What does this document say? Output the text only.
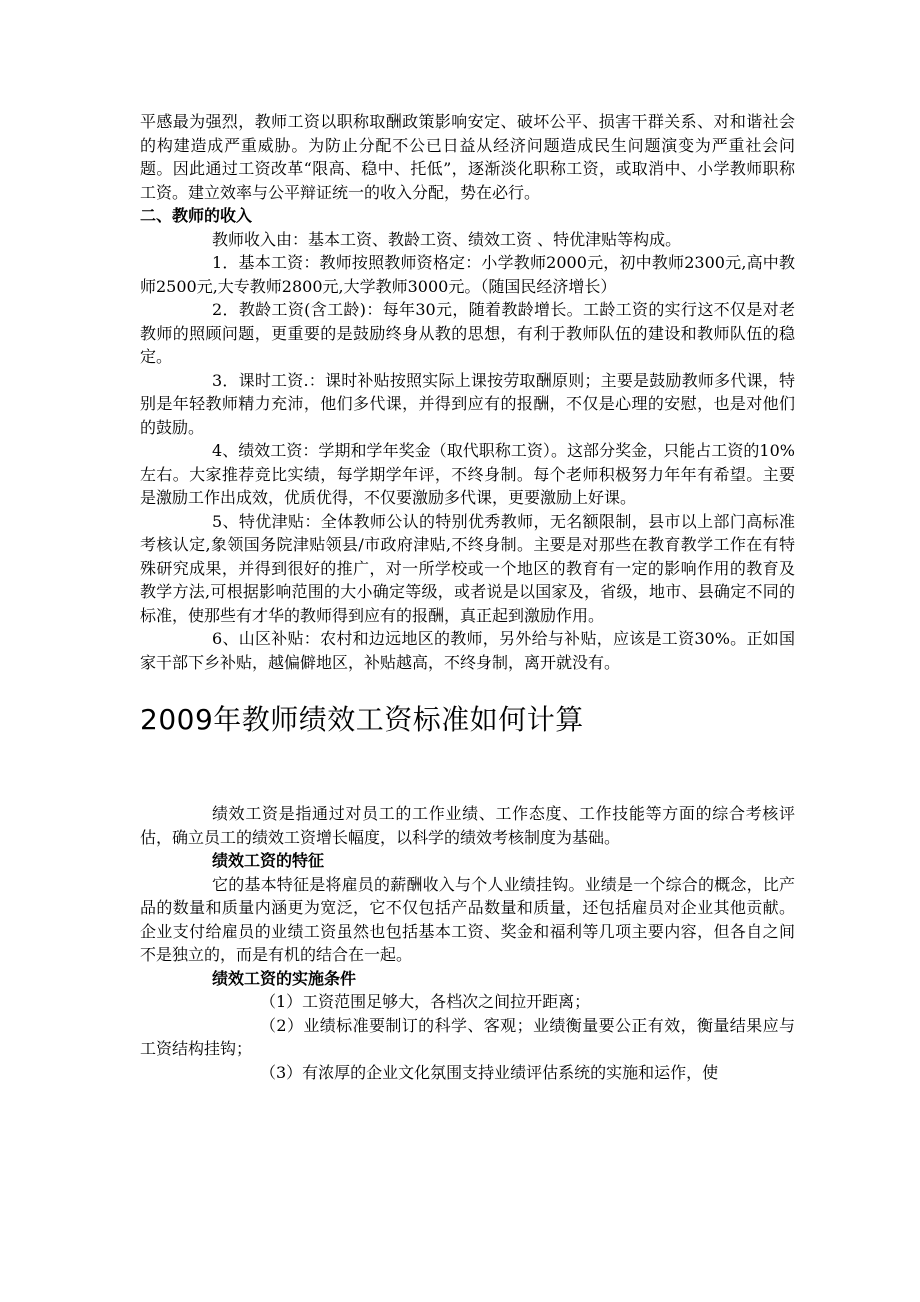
平感最为强烈，教师工资以职称取酬政策影响安定、破坏公平、损害干群关系、对和谐社会的构建造成严重威胁。为防止分配不公已日益从经济问题造成民生问题演变为严重社会问题。因此通过工资改革“限高、稳中、托低”，逐渐淡化职称工资，或取消中、小学教师职称工资。建立效率与公平辩证统一的收入分配，势在必行。

二、教师的收入

教师收入由：基本工资、教龄工资、绩效工资 、特优津贴等构成。

1．基本工资：教师按照教师资格定：小学教师2000元，初中教师2300元,高中教师2500元,大专教师2800元,大学教师3000元。（随国民经济增长）

2．教龄工资(含工龄)：每年30元，随着教龄增长。工龄工资的实行这不仅是对老教师的照顾问题，更重要的是鼓励终身从教的思想，有利于教师队伍的建设和教师队伍的稳定。

3．课时工资.：课时补贴按照实际上课按劳取酬原则；主要是鼓励教师多代课，特别是年轻教师精力充沛，他们多代课，并得到应有的报酬，不仅是心理的安慰，也是对他们的鼓励。

4、绩效工资：学期和学年奖金（取代职称工资）。这部分奖金，只能占工资的10%左右。大家推荐竞比实绩，每学期学年评，不终身制。每个老师积极努力年年有希望。主要是激励工作出成效，优质优得，不仅要激励多代课，更要激励上好课。

5、特优津贴：全体教师公认的特别优秀教师，无名额限制，县市以上部门高标准考核认定,象领国务院津贴领县/市政府津贴,不终身制。主要是对那些在教育教学工作在有特殊研究成果，并得到很好的推广，对一所学校或一个地区的教育有一定的影响作用的教育及教学方法,可根据影响范围的大小确定等级，或者说是以国家及，省级，地市、县确定不同的标准，使那些有才华的教师得到应有的报酬，真正起到激励作用。

6、山区补贴：农村和边远地区的教师，另外给与补贴，应该是工资30%。正如国家干部下乡补贴，越偏僻地区，补贴越高，不终身制，离开就没有。

2009年教师绩效工资标准如何计算

绩效工资是指通过对员工的工作业绩、工作态度、工作技能等方面的综合考核评估，确立员工的绩效工资增长幅度，以科学的绩效考核制度为基础。

绩效工资的特征

它的基本特征是将雇员的薪酬收入与个人业绩挂钩。业绩是一个综合的概念，比产品的数量和质量内涵更为宽泛，它不仅包括产品数量和质量，还包括雇员对企业其他贡献。企业支付给雇员的业绩工资虽然也包括基本工资、奖金和福利等几项主要内容，但各自之间不是独立的，而是有机的结合在一起。

绩效工资的实施条件

（1）工资范围足够大，各档次之间拉开距离；

（2）业绩标准要制订的科学、客观；业绩衡量要公正有效，衡量结果应与工资结构挂钩；

（3）有浓厚的企业文化氛围支持业绩评估系统的实施和运作，使
